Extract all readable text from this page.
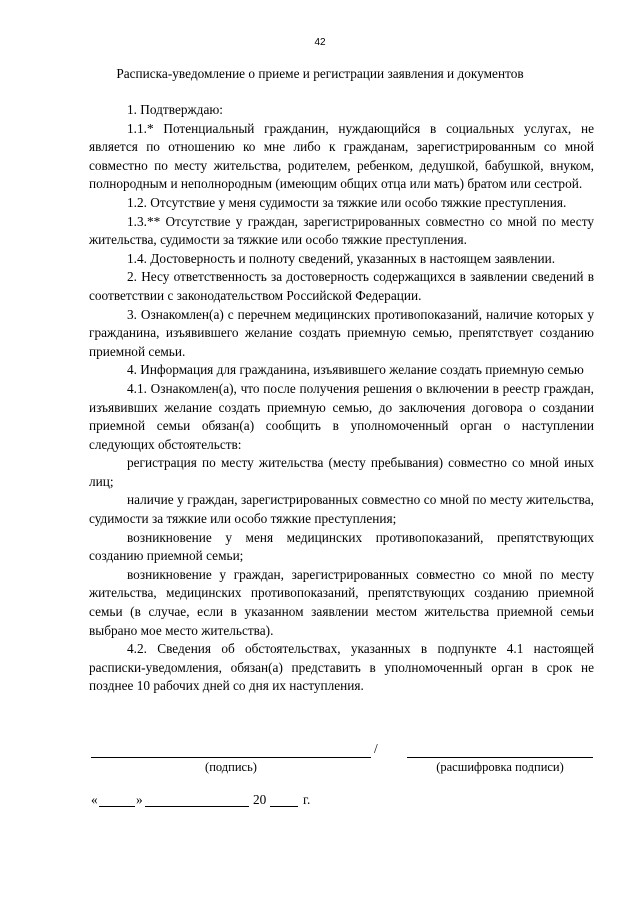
42
Расписка-уведомление о приеме и регистрации заявления и документов

1. Подтверждаю:

1.1.* Потенциальный гражданин, нуждающийся в социальных услугах, не является по отношению ко мне либо к гражданам, зарегистрированным со мной совместно по месту жительства, родителем, ребенком, дедушкой, бабушкой, внуком, полнородным и неполнородным (имеющим общих отца или мать) братом или сестрой.

1.2. Отсутствие у меня судимости за тяжкие или особо тяжкие преступления.

1.3.** Отсутствие у граждан, зарегистрированных совместно со мной по месту жительства, судимости за тяжкие или особо тяжкие преступления.

1.4. Достоверность и полноту сведений, указанных в настоящем заявлении.

2. Несу ответственность за достоверность содержащихся в заявлении сведений в соответствии с законодательством Российской Федерации.

3. Ознакомлен(а) с перечнем медицинских противопоказаний, наличие которых у гражданина, изъявившего желание создать приемную семью, препятствует созданию приемной семьи.

4. Информация для гражданина, изъявившего желание создать приемную семью

4.1. Ознакомлен(а), что после получения решения о включении в реестр граждан, изъявивших желание создать приемную семью, до заключения договора о создании приемной семьи обязан(а) сообщить в уполномоченный орган о наступлении следующих обстоятельств:

регистрация по месту жительства (месту пребывания) совместно со мной иных лиц;

наличие у граждан, зарегистрированных совместно со мной по месту жительства, судимости за тяжкие или особо тяжкие преступления;

возникновение у меня медицинских противопоказаний, препятствующих созданию приемной семьи;

возникновение у граждан, зарегистрированных совместно со мной по месту жительства, медицинских противопоказаний, препятствующих созданию приемной семьи (в случае, если в указанном заявлении местом жительства приемной семьи выбрано мое место жительства).

4.2. Сведения об обстоятельствах, указанных в подпункте 4.1 настоящей расписки-уведомления, обязан(а) представить в уполномоченный орган в срок не позднее 10 рабочих дней со дня их наступления.

/
(подпись)	(расшифровка подписи)
«	»	20	г.
